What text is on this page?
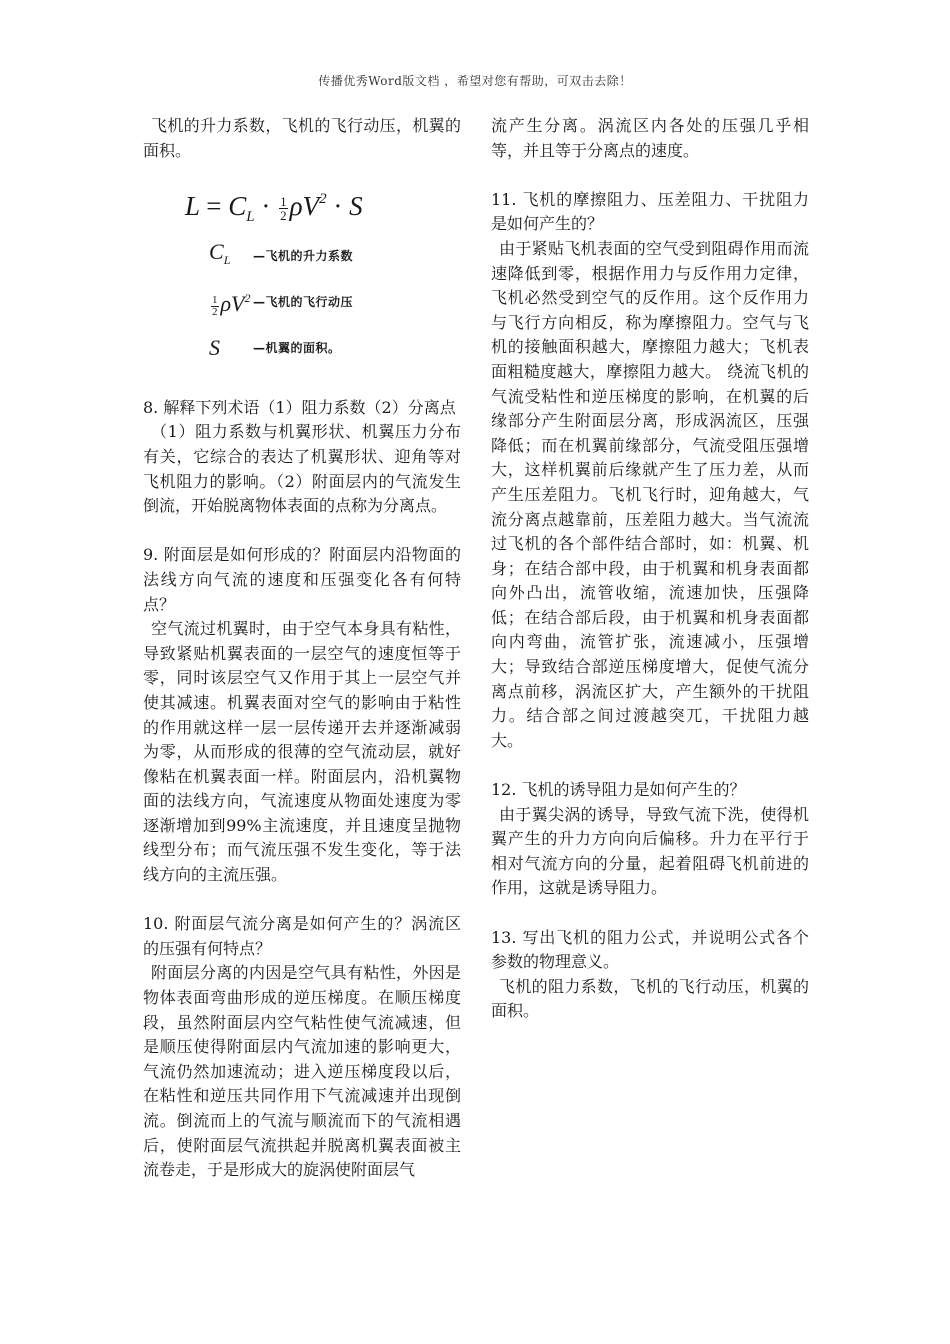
传播优秀Word版文档 ，希望对您有帮助，可双击去除！

飞机的升力系数，飞机的飞行动压，机翼的面积。

$L = C_L \cdot \frac{1}{2} \rho V^2 \cdot S$
$C_L$	—飞机的升力系数
$\frac{1}{2} \rho V^2$ —飞机的飞行动压
S	—机翼的面积。

8. 解释下列术语（1）阻力系数（2）分离点

（1）阻力系数与机翼形状、机翼压力分布有关，它综合的表达了机翼形状、迎角等对飞机阻力的影响。（2）附面层内的气流发生倒流，开始脱离物体表面的点称为分离点。

9. 附面层是如何形成的？附面层内沿物面的法线方向气流的速度和压强变化各有何特点？

空气流过机翼时，由于空气本身具有粘性，导致紧贴机翼表面的一层空气的速度恒等于零，同时该层空气又作用于其上一层空气并使其减速。机翼表面对空气的影响由于粘性的作用就这样一层一层传递开去并逐渐减弱为零，从而形成的很薄的空气流动层，就好像粘在机翼表面一样。附面层内，沿机翼物面的法线方向，气流速度从物面处速度为零逐渐增加到99%主流速度，并且速度呈抛物线型分布；而气流压强不发生变化，等于法线方向的主流压强。

10. 附面层气流分离是如何产生的？涡流区的压强有何特点？

附面层分离的内因是空气具有粘性，外因是物体表面弯曲形成的逆压梯度。在顺压梯度段，虽然附面层内空气粘性使气流减速，但是顺压使得附面层内气流加速的影响更大，气流仍然加速流动；进入逆压梯度段以后，在粘性和逆压共同作用下气流减速并出现倒流。倒流而上的气流与顺流而下的气流相遇后，使附面层气流拱起并脱离机翼表面被主流卷走，于是形成大的旋涡使附面层气

流产生分离。涡流区内各处的压强几乎相等，并且等于分离点的速度。

11. 飞机的摩擦阻力、压差阻力、干扰阻力是如何产生的？

由于紧贴飞机表面的空气受到阻碍作用而流速降低到零，根据作用力与反作用力定律，飞机必然受到空气的反作用。这个反作用力与飞行方向相反，称为摩擦阻力。空气与飞机的接触面积越大，摩擦阻力越大；飞机表面粗糙度越大，摩擦阻力越大。 绕流飞机的气流受粘性和逆压梯度的影响，在机翼的后缘部分产生附面层分离，形成涡流区，压强降低；而在机翼前缘部分，气流受阻压强增大，这样机翼前后缘就产生了压力差，从而产生压差阻力。飞机飞行时，迎角越大，气流分离点越靠前，压差阻力越大。当气流流过飞机的各个部件结合部时，如：机翼、机身；在结合部中段，由于机翼和机身表面都向外凸出，流管收缩，流速加快，压强降低；在结合部后段，由于机翼和机身表面都向内弯曲，流管扩张，流速减小，压强增大；导致结合部逆压梯度增大，促使气流分离点前移，涡流区扩大，产生额外的干扰阻力。结合部之间过渡越突兀，干扰阻力越大。

12. 飞机的诱导阻力是如何产生的？

由于翼尖涡的诱导，导致气流下洗，使得机翼产生的升力方向向后偏移。升力在平行于相对气流方向的分量，起着阻碍飞机前进的作用，这就是诱导阻力。

13. 写出飞机的阻力公式，并说明公式各个参数的物理意义。

飞机的阻力系数，飞机的飞行动压，机翼的面积。
